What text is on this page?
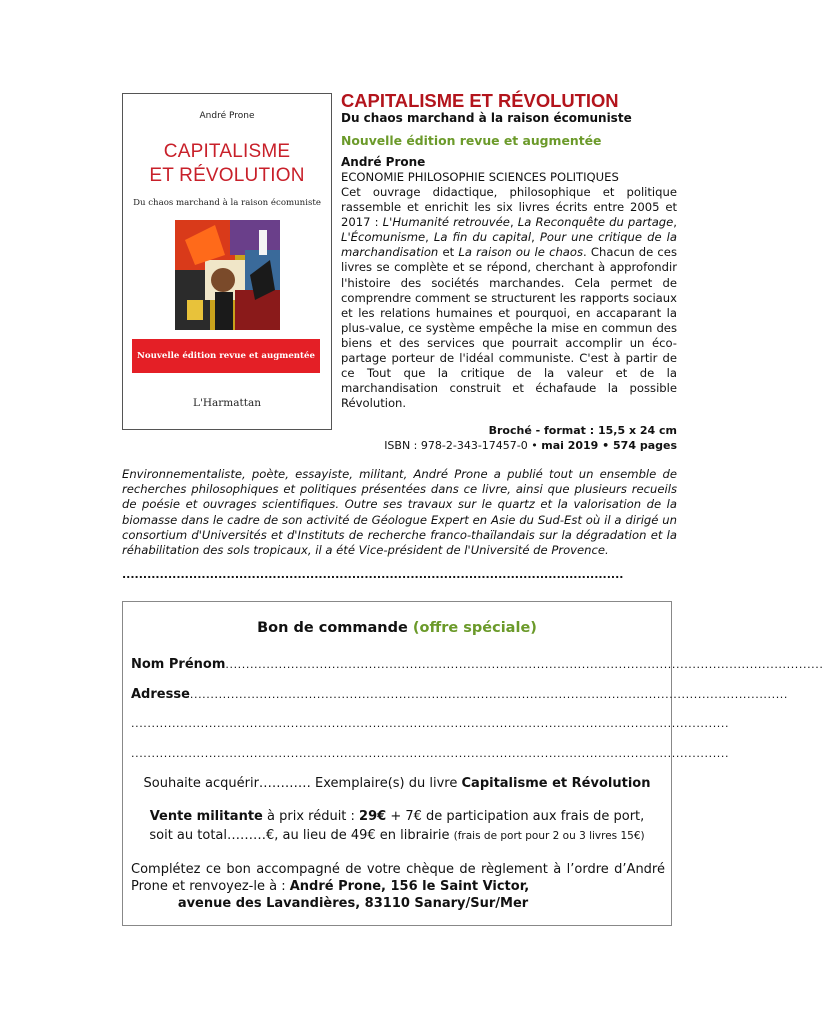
André Prone
CAPITALISME
ET RÉVOLUTION
Du chaos marchand à la raison écomuniste
Nouvelle édition revue et augmentée
L'Harmattan
CAPITALISME ET RÉVOLUTION
Du chaos marchand à la raison écomuniste
Nouvelle édition revue et augmentée
André Prone
ECONOMIE PHILOSOPHIE SCIENCES POLITIQUES

Cet ouvrage didactique, philosophique et politique rassemble et enrichit les six livres écrits entre 2005 et 2017 : L'Humanité retrouvée, La Reconquête du partage, L'Écomunisme, La fin du capital, Pour une critique de la marchandisation et La raison ou le chaos. Chacun de ces livres se complète et se répond, cherchant à approfondir l'histoire des sociétés marchandes. Cela permet de comprendre comment se structurent les rapports sociaux et les relations humaines et pourquoi, en accaparant la plus-value, ce système empêche la mise en commun des biens et des services que pourrait accomplir un éco-partage porteur de l'idéal communiste. C'est à partir de ce Tout que la critique de la valeur et de la marchandisation construit et échafaude la possible Révolution.

Broché - format : 15,5 x 24 cm
ISBN : 978-2-343-17457-0 • mai 2019 • 574 pages

Environnementaliste, poète, essayiste, militant, André Prone a publié tout un ensemble de recherches philosophiques et politiques présentées dans ce livre, ainsi que plusieurs recueils de poésie et ouvrages scientifiques. Outre ses travaux sur le quartz et la valorisation de la biomasse dans le cadre de son activité de Géologue Expert en Asie du Sud-Est où il a dirigé un consortium d'Universités et d'Instituts de recherche franco-thaïlandais sur la dégradation et la réhabilitation des sols tropicaux, il a été Vice-président de l'Université de Provence.

........................................................................................................................
Bon de commande (offre spéciale)
Nom Prénom..................................................................................................................................................
Adresse..................................................................................................................................................
..................................................................................................................................................
..................................................................................................................................................
Souhaite acquérir………… Exemplaire(s) du livre Capitalisme et Révolution
Vente militante à prix réduit : 29€ + 7€ de participation aux frais de port,
soit au total………€, au lieu de 49€ en librairie (frais de port pour 2 ou 3 livres 15€)
Complétez ce bon accompagné de votre chèque de règlement à l’ordre d’André Prone et renvoyez-le à : André Prone, 156 le Saint Victor,
avenue des Lavandières, 83110 Sanary/Sur/Mer
